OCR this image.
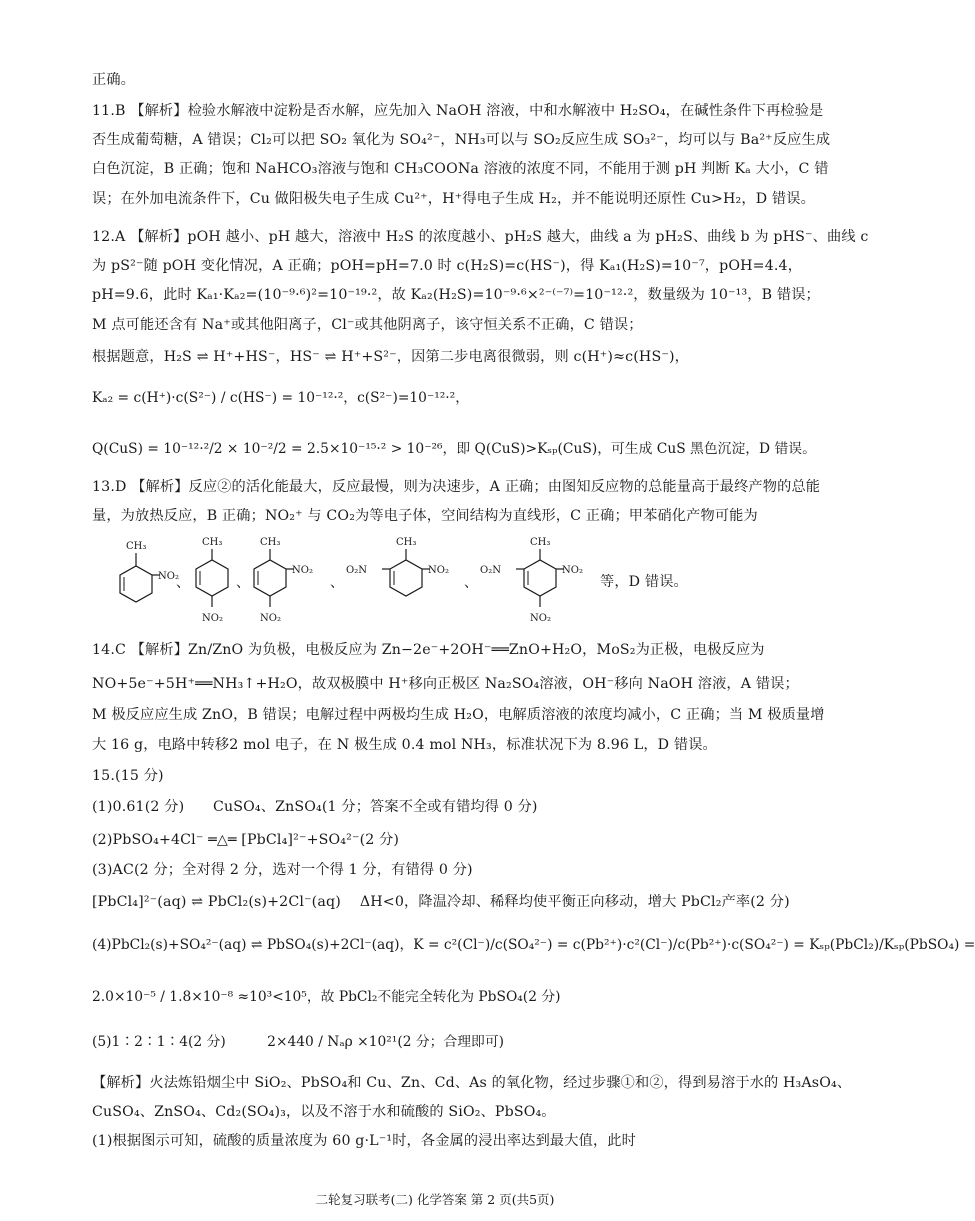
正确。
11.B 【解析】检验水解液中淀粉是否水解，应先加入 NaOH 溶液，中和水解液中 H₂SO₄，在碱性条件下再检验是
否生成葡萄糖，A 错误；Cl₂可以把 SO₂ 氧化为 SO₄²⁻，NH₃可以与 SO₂反应生成 SO₃²⁻，均可以与 Ba²⁺反应生成
白色沉淀，B 正确；饱和 NaHCO₃溶液与饱和 CH₃COONa 溶液的浓度不同，不能用于测 pH 判断 Kₐ 大小，C 错
误；在外加电流条件下，Cu 做阳极失电子生成 Cu²⁺，H⁺得电子生成 H₂，并不能说明还原性 Cu>H₂，D 错误。
12.A 【解析】pOH 越小、pH 越大，溶液中 H₂S 的浓度越小、pH₂S 越大，曲线 a 为 pH₂S、曲线 b 为 pHS⁻、曲线 c
为 pS²⁻随 pOH 变化情况，A 正确；pOH=pH=7.0 时 c(H₂S)=c(HS⁻)，得 Kₐ₁(H₂S)=10⁻⁷，pOH=4.4，
pH=9.6，此时 Kₐ₁·Kₐ₂=(10⁻⁹·⁶)²=10⁻¹⁹·²，故 Kₐ₂(H₂S)=10⁻⁹·⁶×²⁻⁽⁻⁷⁾=10⁻¹²·²，数量级为 10⁻¹³，B 错误；
M 点可能还含有 Na⁺或其他阳离子，Cl⁻或其他阴离子，该守恒关系不正确，C 错误；
根据题意，H₂S ⇌ H⁺+HS⁻，HS⁻ ⇌ H⁺+S²⁻，因第二步电离很微弱，则 c(H⁺)≈c(HS⁻)，
Kₐ₂ = c(H⁺)·c(S²⁻) / c(HS⁻) = 10⁻¹²·²，c(S²⁻)=10⁻¹²·²，
Q(CuS) = 10⁻¹²·²/2 × 10⁻²/2 = 2.5×10⁻¹⁵·² > 10⁻²⁶，即 Q(CuS)>Kₛₚ(CuS)，可生成 CuS 黑色沉淀，D 错误。
13.D 【解析】反应②的活化能最大，反应最慢，则为决速步，A 正确；由图知反应物的总能量高于最终产物的总能
量，为放热反应，B 正确；NO₂⁺ 与 CO₂为等电子体，空间结构为直线形，C 正确；甲苯硝化产物可能为
CH₃
NO₂
、
CH₃
NO₂
、
CH₃
NO₂
NO₂
、
CH₃
NO₂
O₂N
、
CH₃
NO₂
O₂N
NO₂
等，D 错误。
14.C 【解析】Zn/ZnO 为负极，电极反应为 Zn−2e⁻+2OH⁻══ZnO+H₂O，MoS₂为正极，电极反应为
NO+5e⁻+5H⁺══NH₃↑+H₂O，故双极膜中 H⁺移向正极区 Na₂SO₄溶液，OH⁻移向 NaOH 溶液，A 错误；
M 极反应应生成 ZnO，B 错误；电解过程中两极均生成 H₂O，电解质溶液的浓度均减小，C 正确；当 M 极质量增
大 16 g，电路中转移2 mol 电子，在 N 极生成 0.4 mol NH₃，标准状况下为 8.96 L，D 错误。
15.(15 分)
(1)0.61(2 分)　　CuSO₄、ZnSO₄(1 分；答案不全或有错均得 0 分)
(2)PbSO₄+4Cl⁻ ═△═ [PbCl₄]²⁻+SO₄²⁻(2 分)
(3)AC(2 分；全对得 2 分，选对一个得 1 分，有错得 0 分)
[PbCl₄]²⁻(aq) ⇌ PbCl₂(s)+2Cl⁻(aq)　 ΔH<0，降温冷却、稀释均使平衡正向移动，增大 PbCl₂产率(2 分)
(4)PbCl₂(s)+SO₄²⁻(aq) ⇌ PbSO₄(s)+2Cl⁻(aq)，K = c²(Cl⁻)/c(SO₄²⁻) = c(Pb²⁺)·c²(Cl⁻)/c(Pb²⁺)·c(SO₄²⁻) = Kₛₚ(PbCl₂)/Kₛₚ(PbSO₄) =
2.0×10⁻⁵ / 1.8×10⁻⁸ ≈10³<10⁵，故 PbCl₂不能完全转化为 PbSO₄(2 分)
(5)1∶2∶1∶4(2 分)　　　2×440 / Nₐρ ×10²¹(2 分；合理即可)
【解析】火法炼铅烟尘中 SiO₂、PbSO₄和 Cu、Zn、Cd、As 的氧化物，经过步骤①和②，得到易溶于水的 H₃AsO₄、
CuSO₄、ZnSO₄、Cd₂(SO₄)₃，以及不溶于水和硫酸的 SiO₂、PbSO₄。
(1)根据图示可知，硫酸的质量浓度为 60 g·L⁻¹时，各金属的浸出率达到最大值，此时
二轮复习联考(二) 化学答案 第 2 页(共5页)
